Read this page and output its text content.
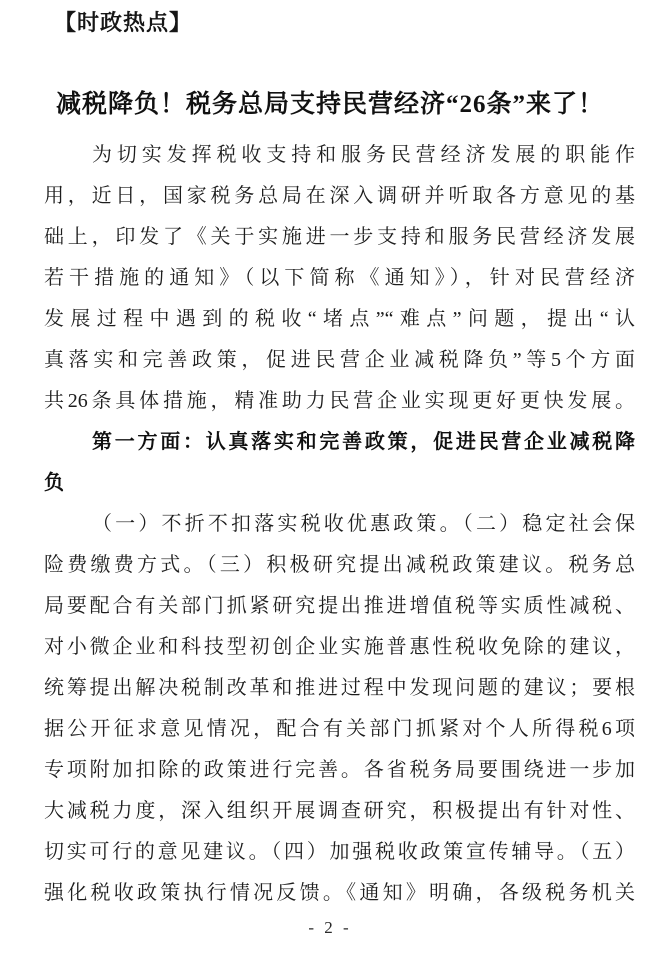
【时政热点】
减税降负！税务总局支持民营经济“26条”来了！
为切实发挥税收支持和服务民营经济发展的职能作
用，近日，国家税务总局在深入调研并听取各方意见的基
础上，印发了《关于实施进一步支持和服务民营经济发展
若干措施的通知》（以下简称《通知》），针对民营经济
发展过程中遇到的税收“堵点”“难点”问题，提出“认
真落实和完善政策，促进民营企业减税降负”等5个方面
共26条具体措施，精准助力民营企业实现更好更快发展。
第一方面：认真落实和完善政策，促进民营企业减税降
负
（一）不折不扣落实税收优惠政策。（二）稳定社会保
险费缴费方式。（三）积极研究提出减税政策建议。税务总
局要配合有关部门抓紧研究提出推进增值税等实质性减税、
对小微企业和科技型初创企业实施普惠性税收免除的建议，
统筹提出解决税制改革和推进过程中发现问题的建议；要根
据公开征求意见情况，配合有关部门抓紧对个人所得税6项
专项附加扣除的政策进行完善。各省税务局要围绕进一步加
大减税力度，深入组织开展调查研究，积极提出有针对性、
切实可行的意见建议。（四）加强税收政策宣传辅导。（五）
强化税收政策执行情况反馈。《通知》明确，各级税务机关
- 2 -
